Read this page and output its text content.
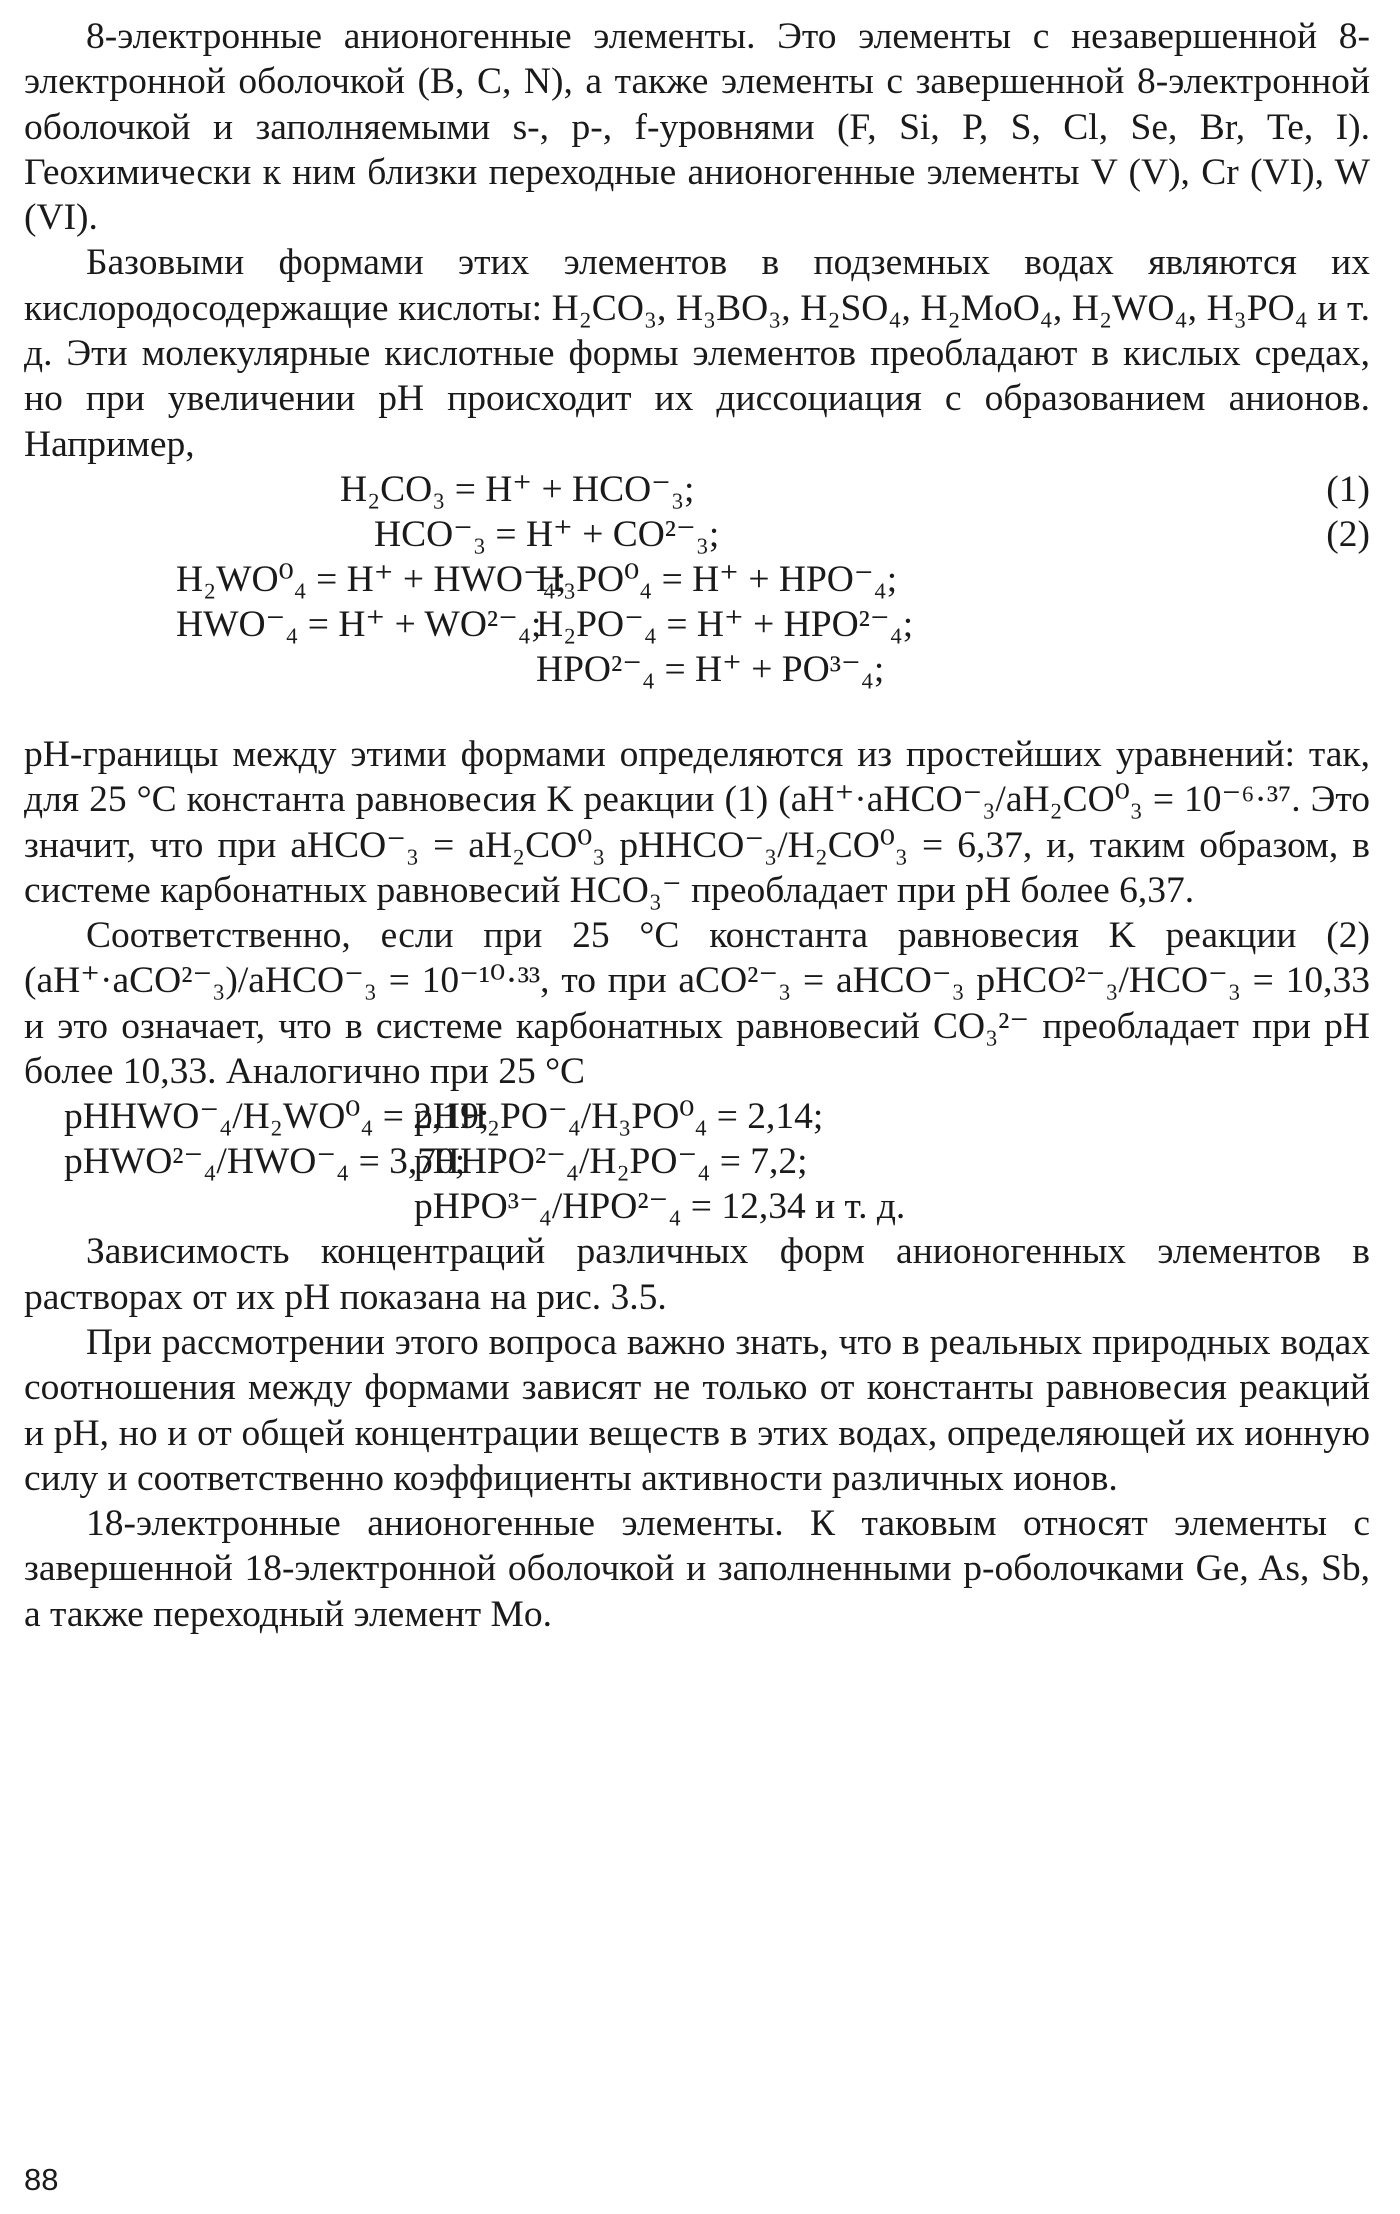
8-электронные анионогенные элементы. Это элементы с незавершенной 8-электронной оболочкой (B, C, N), а также элементы с завершенной 8-электронной оболочкой и заполняемыми s-, p-, f-уровнями (F, Si, P, S, Cl, Se, Br, Te, I). Геохимически к ним близки переходные анионогенные элементы V (V), Cr (VI), W (VI).

Базовыми формами этих элементов в подземных водах являются их кислородосодержащие кислоты: H₂CO₃, H₃BO₃, H₂SO₄, H₂MoO₄, H₂WO₄, H₃PO₄ и т. д. Эти молекулярные кислотные формы элементов преобладают в кислых средах, но при увеличении pH происходит их диссоциация с образованием анионов. Например,

H₂CO₃ = H⁺ + HCO⁻₃;	(1)
HCO⁻₃ = H⁺ + CO²⁻₃;	(2)
H₂WO⁰₄ = H⁺ + HWO⁻₄;
H₃PO⁰₄ = H⁺ + HPO⁻₄;
HWO⁻₄ = H⁺ + WO²⁻₄;
H₂PO⁻₄ = H⁺ + HPO²⁻₄;
HPO²⁻₄ = H⁺ + PO³⁻₄;

pH-границы между этими формами определяются из простейших уравнений: так, для 25 °С константа равновесия K реакции (1) (aH⁺·aHCO⁻₃/aH₂CO⁰₃ = 10⁻⁶·³⁷. Это значит, что при aHCO⁻₃ = aH₂CO⁰₃ pHHCO⁻₃/H₂CO⁰₃ = 6,37, и, таким образом, в системе карбонатных равновесий HCO₃⁻ преобладает при pH более 6,37.

Соответственно, если при 25 °С константа равновесия K реакции (2) (aH⁺·aCO²⁻₃)/aHCO⁻₃ = 10⁻¹⁰·³³, то при aCO²⁻₃ = aHCO⁻₃ pHCO²⁻₃/HCO⁻₃ = 10,33 и это означает, что в системе карбонатных равновесий CO₃²⁻ преобладает при pH более 10,33. Аналогично при 25 °С

pHHWO⁻₄/H₂WO⁰₄ = 2,19;
pHH₂PO⁻₄/H₃PO⁰₄ = 2,14;
pHWO²⁻₄/HWO⁻₄ = 3,70;
pHHPO²⁻₄/H₂PO⁻₄ = 7,2;
pHPO³⁻₄/HPO²⁻₄ = 12,34 и т. д.

Зависимость концентраций различных форм анионогенных элементов в растворах от их pH показана на рис. 3.5.

При рассмотрении этого вопроса важно знать, что в реальных природных водах соотношения между формами зависят не только от константы равновесия реакций и pH, но и от общей концентрации веществ в этих водах, определяющей их ионную силу и соответственно коэффициенты активности различных ионов.

18-электронные анионогенные элементы. К таковым относят элементы с завершенной 18-электронной оболочкой и заполненными p-оболочками Ge, As, Sb, а также переходный элемент Mo.

88
